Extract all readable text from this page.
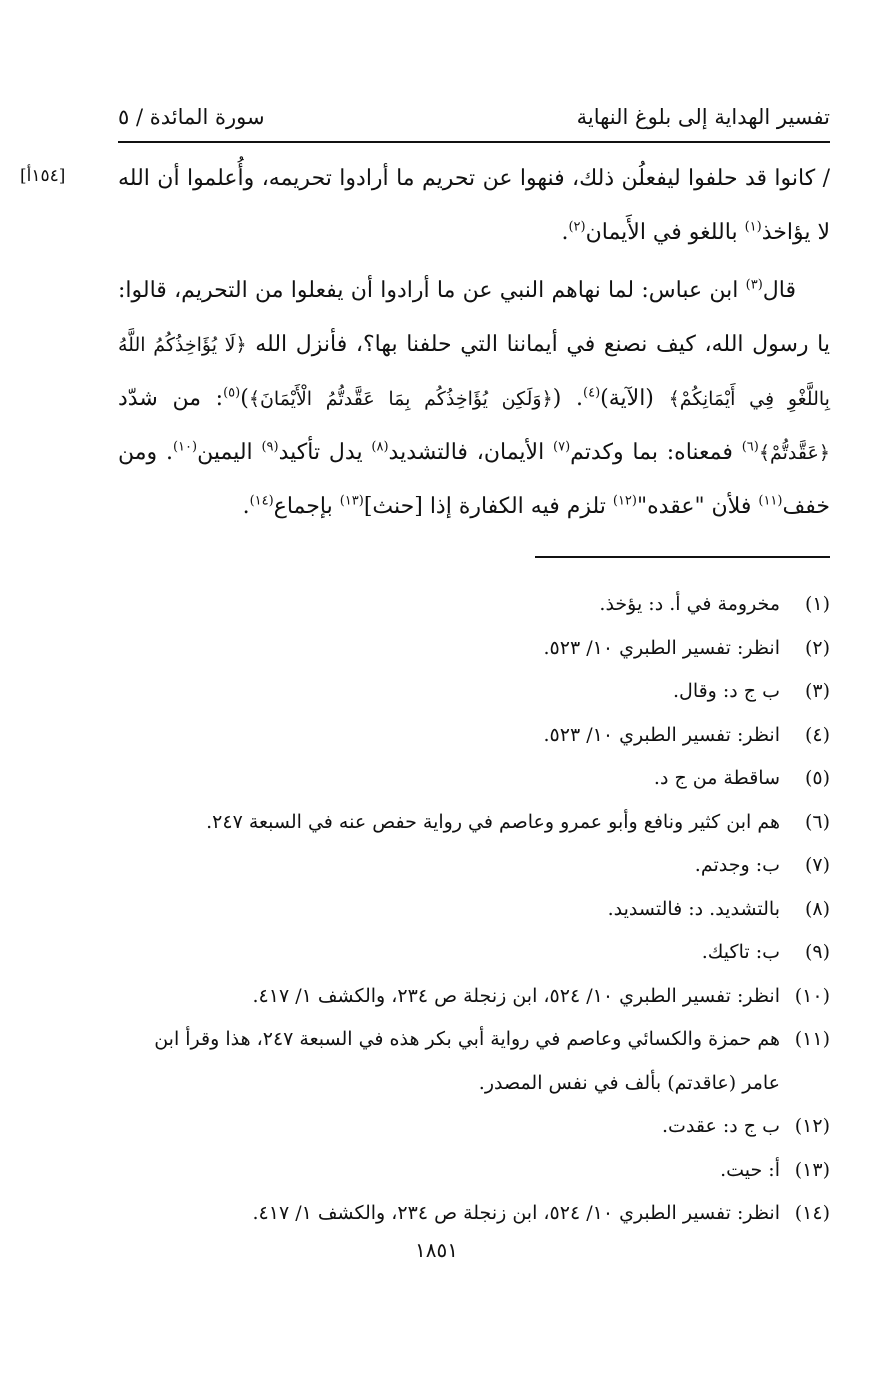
تفسير الهداية إلى بلوغ النهاية
سورة المائدة / ٥
[١٥٤أ] / كانوا قد حلفوا ليفعلُن ذلك، فنهوا عن تحريم ما أرادوا تحريمه، وأُعلموا أن الله لا يؤاخذ$^{(١)}$ باللغو في الأَيمان$^{(٢)}$.

قال$^{(٣)}$ ابن عباس: لما نهاهم النبي عن ما أرادوا أن يفعلوا من التحريم، قالوا: يا رسول الله، كيف نصنع في أيماننا التي حلفنا بها؟، فأنزل الله ﴿لَا يُؤَاخِذُكُمُ اللَّهُ بِاللَّغْوِ فِي أَيْمَانِكُمْ﴾ (الآية)$^{(٤)}$. (﴿وَلَكِن يُؤَاخِذُكُم بِمَا عَقَّدتُّمُ الْأَيْمَانَ﴾)$^{(٥)}$: من شدّد ﴿عَقَّدتُّمْ﴾$^{(٦)}$ فمعناه: بما وكدتم$^{(٧)}$ الأيمان، فالتشديد$^{(٨)}$ يدل تأكيد$^{(٩)}$ اليمين$^{(١٠)}$. ومن خفف$^{(١١)}$ فلأن "عقده"$^{(١٢)}$ تلزم فيه الكفارة إذا [حنث]$^{(١٣)}$ بإجماع$^{(١٤)}$.

(١)
مخرومة في أ. د: يؤخذ.
(٢)
انظر: تفسير الطبري ١٠/ ٥٢٣.
(٣)
ب ج د: وقال.
(٤)
انظر: تفسير الطبري ١٠/ ٥٢٣.
(٥)
ساقطة من ج د.
(٦)
هم ابن كثير ونافع وأبو عمرو وعاصم في رواية حفص عنه في السبعة ٢٤٧.
(٧)
ب: وجدتم.
(٨)
بالتشديد. د: فالتسديد.
(٩)
ب: تاكيك.
(١٠)
انظر: تفسير الطبري ١٠/ ٥٢٤، ابن زنجلة ص ٢٣٤، والكشف ١/ ٤١٧.
(١١)
هم حمزة والكسائي وعاصم في رواية أبي بكر هذه في السبعة ٢٤٧، هذا وقرأ ابن عامر (عاقدتم) بألف في نفس المصدر.
(١٢)
ب ج د: عقدت.
(١٣)
أ: حيت.
(١٤)
انظر: تفسير الطبري ١٠/ ٥٢٤، ابن زنجلة ص ٢٣٤، والكشف ١/ ٤١٧.
١٨٥١
